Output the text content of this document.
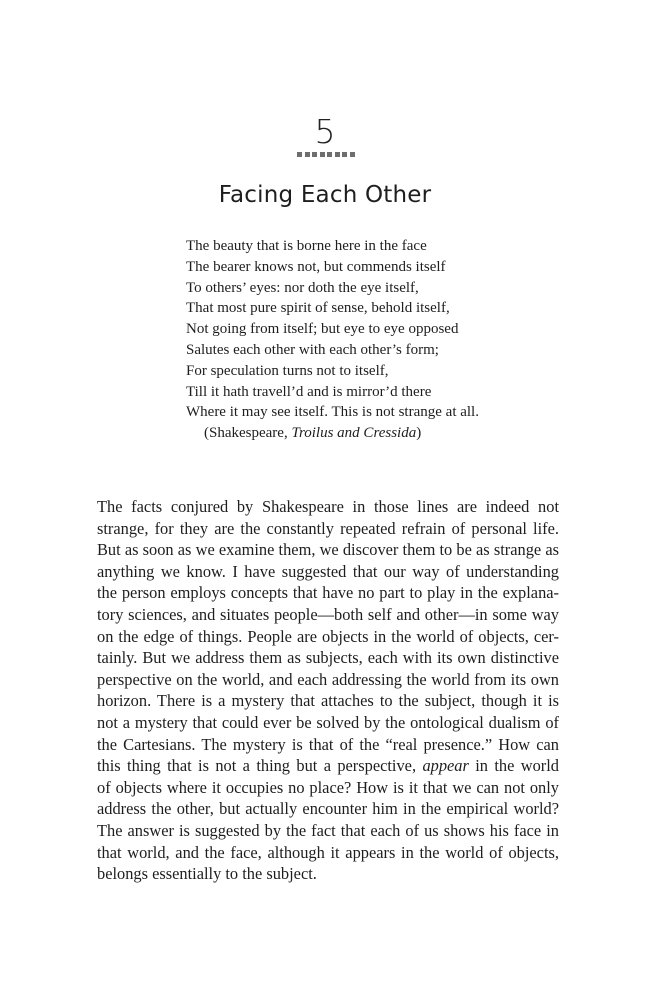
5
Facing Each Other
The beauty that is borne here in the face
The bearer knows not, but commends itself
To others’ eyes: nor doth the eye itself,
That most pure spirit of sense, behold itself,
Not going from itself; but eye to eye opposed
Salutes each other with each other’s form;
For speculation turns not to itself,
Till it hath travell’d and is mirror’d there
Where it may see itself. This is not strange at all.
(Shakespeare, Troilus and Cressida)
The facts conjured by Shakespeare in those lines are indeed not
strange, for they are the constantly repeated refrain of personal life.
But as soon as we examine them, we discover them to be as strange as
anything we know. I have suggested that our way of understanding
the person employs concepts that have no part to play in the explana-
tory sciences, and situates people—both self and other—in some way
on the edge of things. People are objects in the world of objects, cer-
tainly. But we address them as subjects, each with its own distinctive
perspective on the world, and each addressing the world from its own
horizon. There is a mystery that attaches to the subject, though it is
not a mystery that could ever be solved by the ontological dualism of
the Cartesians. The mystery is that of the “real presence.” How can
this thing that is not a thing but a perspective, appear in the world
of objects where it occupies no place? How is it that we can not only
address the other, but actually encounter him in the empirical world?
The answer is suggested by the fact that each of us shows his face in
that world, and the face, although it appears in the world of objects,
belongs essentially to the subject.
